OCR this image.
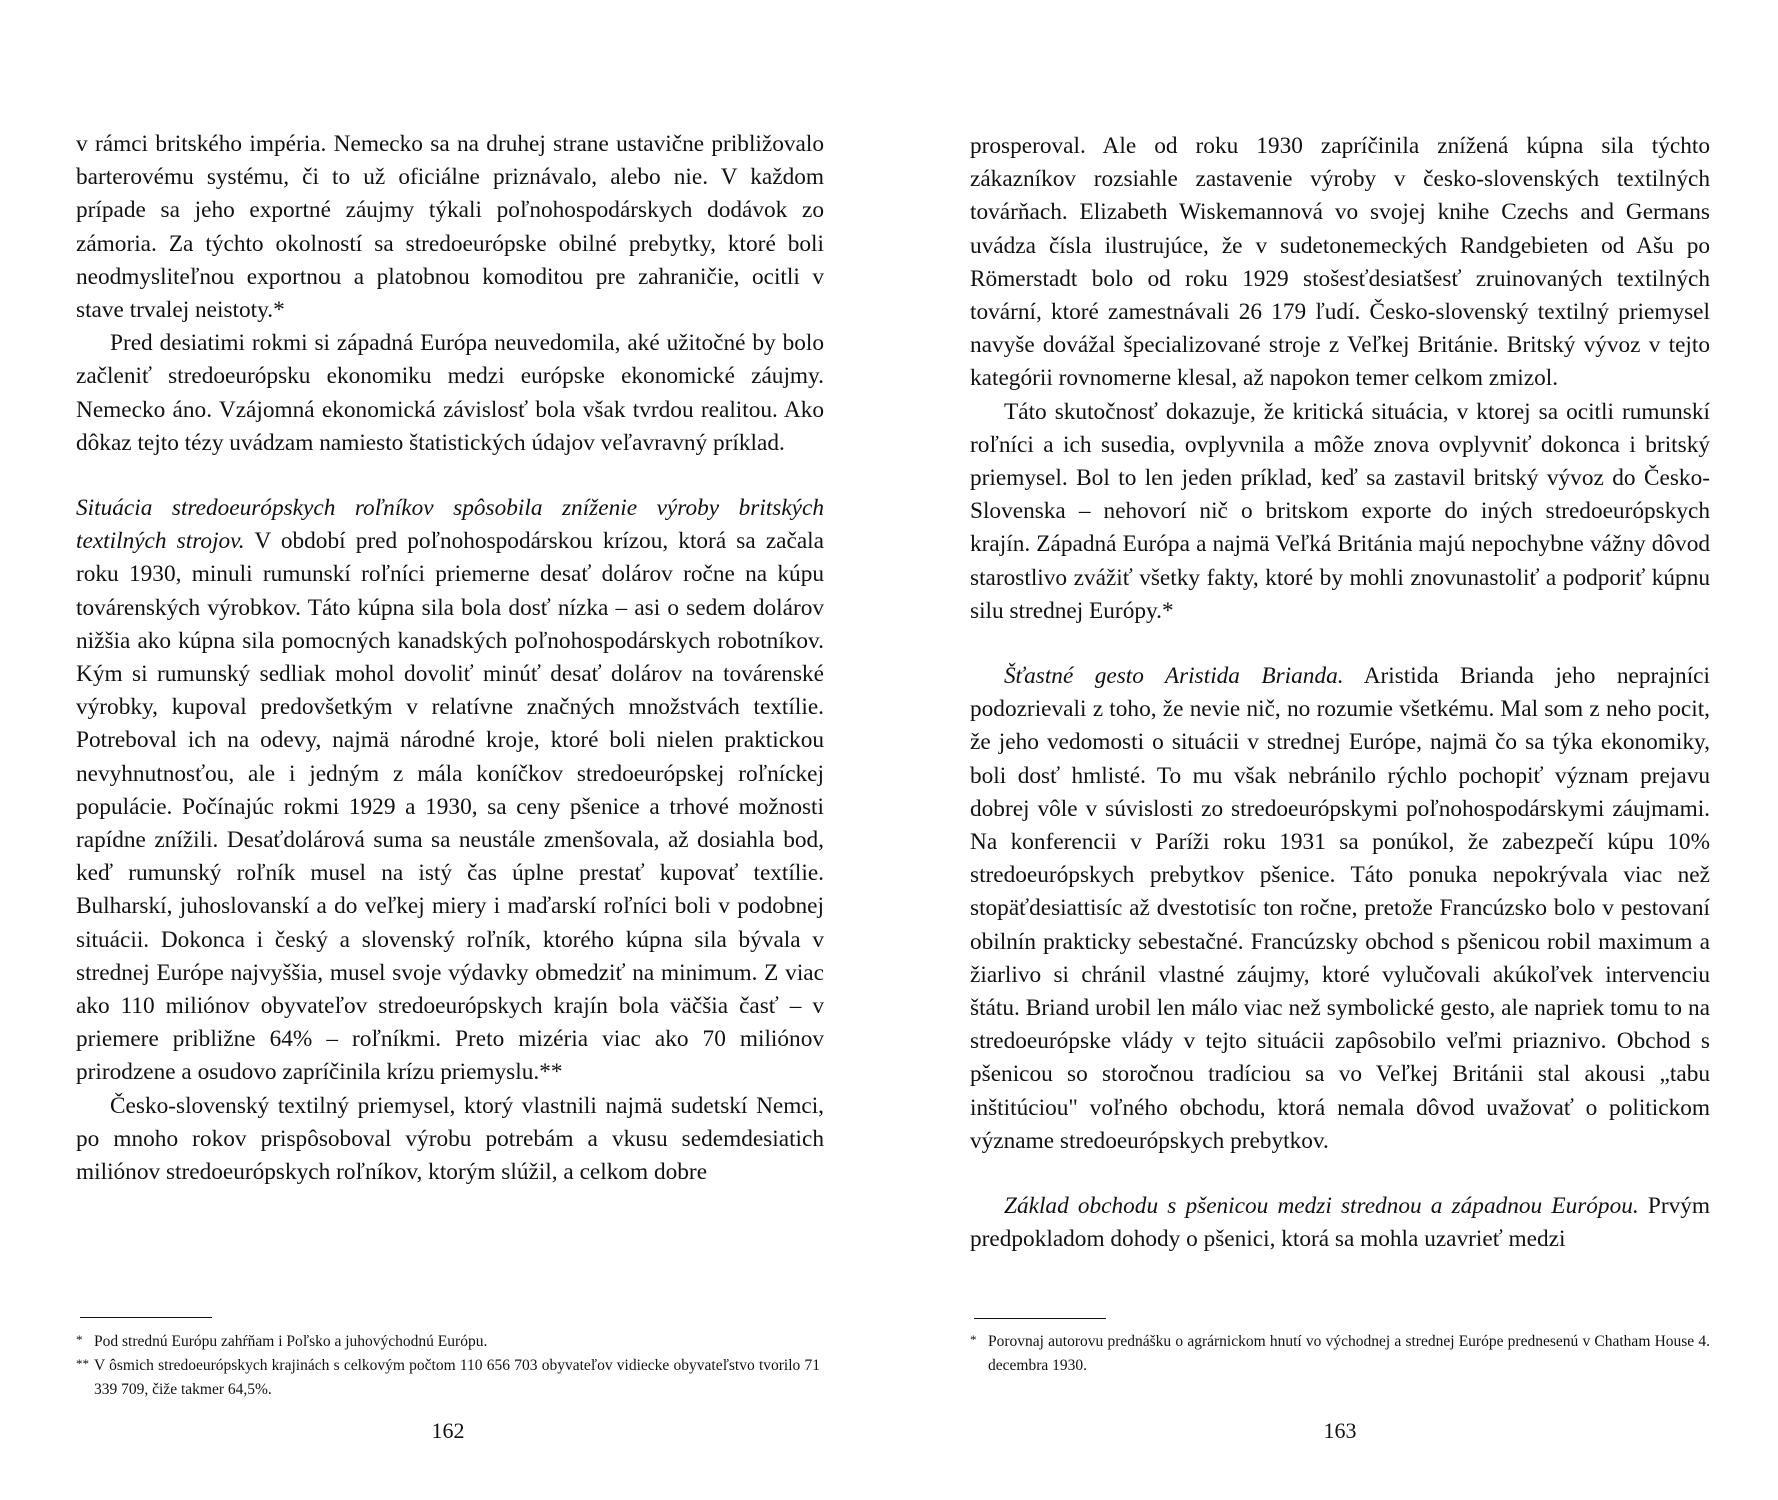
v rámci britského impéria. Nemecko sa na druhej strane ustavične približovalo barterovému systému, či to už oficiálne priznávalo, alebo nie. V každom prípade sa jeho exportné záujmy týkali poľnohospodárskych dodávok zo zámoria. Za týchto okolností sa stredoeurópske obilné prebytky, ktoré boli neodmysliteľnou exportnou a platobnou komoditou pre zahraničie, ocitli v stave trvalej neistoty.*

Pred desiatimi rokmi si západná Európa neuvedomila, aké užitočné by bolo začleniť stredoeurópsku ekonomiku medzi európske ekonomické záujmy. Nemecko áno. Vzájomná ekonomická závislosť bola však tvrdou realitou. Ako dôkaz tejto tézy uvádzam namiesto štatistických údajov veľavravný príklad.

Situácia stredoeurópskych roľníkov spôsobila zníženie výroby britských textilných strojov. V období pred poľnohospodárskou krízou, ktorá sa začala roku 1930, minuli rumunskí roľníci priemerne desať dolárov ročne na kúpu továrenských výrobkov. Táto kúpna sila bola dosť nízka – asi o sedem dolárov nižšia ako kúpna sila pomocných kanadských poľnohospodárskych robotníkov. Kým si rumunský sedliak mohol dovoliť minúť desať dolárov na továrenské výrobky, kupoval predovšetkým v relatívne značných množstvách textílie. Potreboval ich na odevy, najmä národné kroje, ktoré boli nielen praktickou nevyhnutnosťou, ale i jedným z mála koníčkov stredoeurópskej roľníckej populácie. Počínajúc rokmi 1929 a 1930, sa ceny pšenice a trhové možnosti rapídne znížili. Desaťdolárová suma sa neustále zmenšovala, až dosiahla bod, keď rumunský roľník musel na istý čas úplne prestať kupovať textílie. Bulharskí, juhoslovanskí a do veľkej miery i maďarskí roľníci boli v podobnej situácii. Dokonca i český a slovenský roľník, ktorého kúpna sila bývala v strednej Európe najvyššia, musel svoje výdavky obmedziť na minimum. Z viac ako 110 miliónov obyvateľov stredoeurópskych krajín bola väčšia časť – v priemere približne 64% – roľníkmi. Preto mizéria viac ako 70 miliónov prirodzene a osudovo zapríčinila krízu priemyslu.**

Česko-slovenský textilný priemysel, ktorý vlastnili najmä sudetskí Nemci, po mnoho rokov prispôsoboval výrobu potrebám a vkusu sedemdesiatich miliónov stredoeurópskych roľníkov, ktorým slúžil, a celkom dobre

* Pod strednú Európu zahŕňam i Poľsko a juhovýchodnú Európu.
** V ôsmich stredoeurópskych krajinách s celkovým počtom 110 656 703 obyvateľov vidiecke obyvateľstvo tvorilo 71 339 709, čiže takmer 64,5%.
162

prosperoval. Ale od roku 1930 zapríčinila znížená kúpna sila týchto zákazníkov rozsiahle zastavenie výroby v česko-slovenských textilných továrňach. Elizabeth Wiskemannová vo svojej knihe Czechs and Germans uvádza čísla ilustrujúce, že v sudetonemeckých Randgebieten od Ašu po Römerstadt bolo od roku 1929 stošesťdesiatšesť zruinovaných textilných tovární, ktoré zamestnávali 26 179 ľudí. Česko-slovenský textilný priemysel navyše dovážal špecializované stroje z Veľkej Británie. Britský vývoz v tejto kategórii rovnomerne klesal, až napokon temer celkom zmizol.

Táto skutočnosť dokazuje, že kritická situácia, v ktorej sa ocitli rumunskí roľníci a ich susedia, ovplyvnila a môže znova ovplyvniť dokonca i britský priemysel. Bol to len jeden príklad, keď sa zastavil britský vývoz do Česko-Slovenska – nehovorí nič o britskom exporte do iných stredoeurópskych krajín. Západná Európa a najmä Veľká Británia majú nepochybne vážny dôvod starostlivo zvážiť všetky fakty, ktoré by mohli znovunastoliť a podporiť kúpnu silu strednej Európy.*

Šťastné gesto Aristida Brianda. Aristida Brianda jeho neprajníci podozrievali z toho, že nevie nič, no rozumie všetkému. Mal som z neho pocit, že jeho vedomosti o situácii v strednej Európe, najmä čo sa týka ekonomiky, boli dosť hmlisté. To mu však nebránilo rýchlo pochopiť význam prejavu dobrej vôle v súvislosti zo stredoeurópskymi poľnohospodárskymi záujmami. Na konferencii v Paríži roku 1931 sa ponúkol, že zabezpečí kúpu 10% stredoeurópskych prebytkov pšenice. Táto ponuka nepokrývala viac než stopäťdesiattisíc až dvestotisíc ton ročne, pretože Francúzsko bolo v pestovaní obilnín prakticky sebestačné. Francúzsky obchod s pšenicou robil maximum a žiarlivo si chránil vlastné záujmy, ktoré vylučovali akúkoľvek intervenciu štátu. Briand urobil len málo viac než symbolické gesto, ale napriek tomu to na stredoeurópske vlády v tejto situácii zapôsobilo veľmi priaznivo. Obchod s pšenicou so storočnou tradíciou sa vo Veľkej Británii stal akousi „tabu inštitúciou" voľného obchodu, ktorá nemala dôvod uvažovať o politickom význame stredoeurópskych prebytkov.

Základ obchodu s pšenicou medzi strednou a západnou Európou. Prvým predpokladom dohody o pšenici, ktorá sa mohla uzavrieť medzi

* Porovnaj autorovu prednášku o agrárnickom hnutí vo východnej a strednej Európe prednesenú v Chatham House 4. decembra 1930.
163
